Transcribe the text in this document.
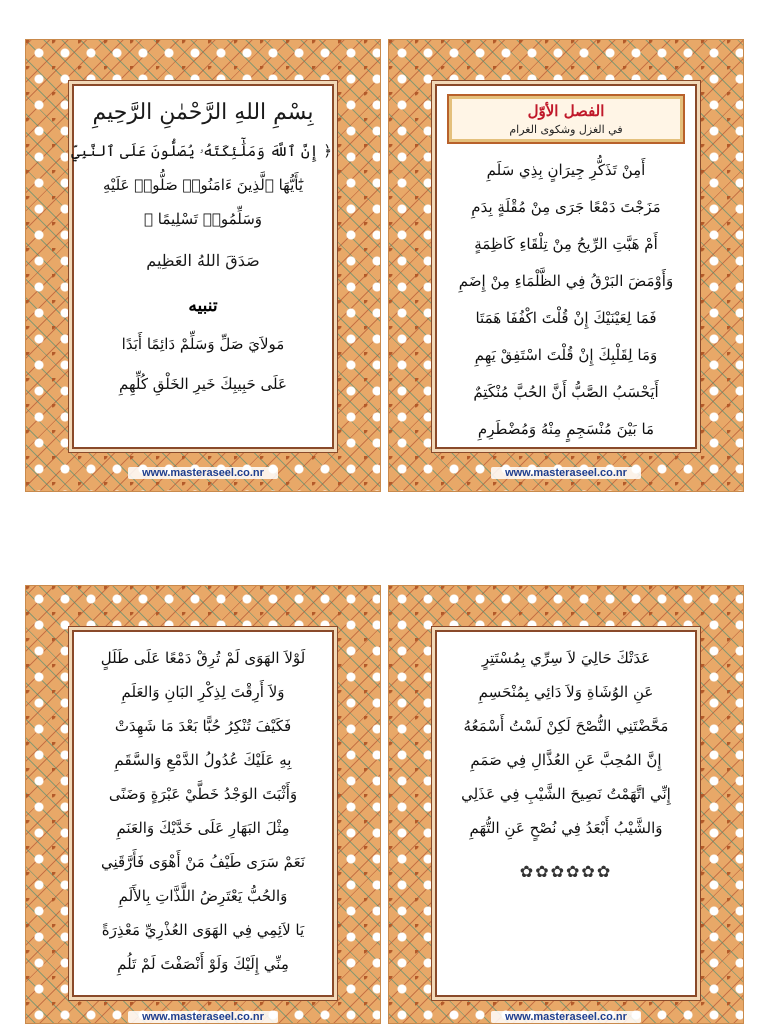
بِسْمِ اللهِ الرَّحْمٰنِ الرَّحِيمِ
﴿ إِنَّ ٱللَّهَ وَمَلَٰٓئِكَتَهُۥ يُصَلُّونَ عَلَى ٱلنَّبِيِّ
يَٰٓأَيُّهَا ٱلَّذِينَ ءَامَنُوا۟ صَلُّوا۟ عَلَيْهِ
وَسَلِّمُوا۟ تَسْلِيمًا ﴾
صَدَقَ اللهُ العَظِيم
تنبيه
مَولاَيَ صَلِّ وَسَلِّمْ دَائِمًا أَبَدًا
عَلَى حَبِيبِكَ خَيرِ الخَلْقِ كُلِّهِمِ
www.masteraseel.co.nr
الفصل الأوّل
في الغزل وشكوى الغرام
أَمِنْ تَذَكُّرِ جِيرَانٍ بِذِي سَلَمِ
مَزَجْتَ دَمْعًا جَرَى مِنْ مُقْلَةٍ بِدَمِ
أَمْ هَبَّتِ الرِّيحُ مِنْ تِلْقَاءِ كَاظِمَةٍ
وَأَوْمَضَ البَرْقُ فِي الظَّلْمَاءِ مِنْ إِضَمِ
فَمَا لِعَيْنَيْكَ إِنْ قُلْتَ اكْفُفَا هَمَتَا
وَمَا لِقَلْبِكَ إِنْ قُلْتَ اسْتَفِقْ يَهِمِ
أَيَحْسَبُ الصَّبُّ أَنَّ الحُبَّ مُنْكَتِمٌ
مَا بَيْنَ مُنْسَجِمٍ مِنْهُ وَمُضْطَرِمِ
www.masteraseel.co.nr
لَوْلاَ الهَوَى لَمْ تُرِقْ دَمْعًا عَلَى طَلَلٍ
وَلاَ أَرِقْتَ لِذِكْرِ البَانِ وَالعَلَمِ
فَكَيْفَ تُنْكِرُ حُبًّا بَعْدَ مَا شَهِدَتْ
بِهِ عَلَيْكَ عُدُولُ الدَّمْعِ وَالسَّقَمِ
وَأَثْبَتَ الوَجْدُ خَطَّيْ عَبْرَةٍ وَضَنًى
مِثْلَ البَهَارِ عَلَى خَدَّيْكَ وَالعَنَمِ
نَعَمْ سَرَى طَيْفُ مَنْ أَهْوَى فَأَرَّقَنِي
وَالحُبُّ يَعْتَرِضُ اللَّذَّاتِ بِالأَلَمِ
يَا لاَئِمِي فِي الهَوَى العُذْرِيِّ مَعْذِرَةً
مِنِّي إِلَيْكَ وَلَوْ أَنْصَفْتَ لَمْ تَلُمِ
www.masteraseel.co.nr
عَدَتْكَ حَالِيَ لاَ سِرِّي بِمُسْتَتِرٍ
عَنِ الوُشَاةِ وَلاَ دَائِي بِمُنْحَسِمِ
مَحَّضْتَنِي النُّصْحَ لَكِنْ لَسْتُ أَسْمَعُهُ
إِنَّ المُحِبَّ عَنِ العُذَّالِ فِي صَمَمِ
إِنِّي اتَّهَمْتُ نَصِيحَ الشَّيْبِ فِي عَذَلِي
وَالشَّيْبُ أَبْعَدُ فِي نُصْحٍ عَنِ التُّهَمِ
✿✿✿✿✿✿
www.masteraseel.co.nr
